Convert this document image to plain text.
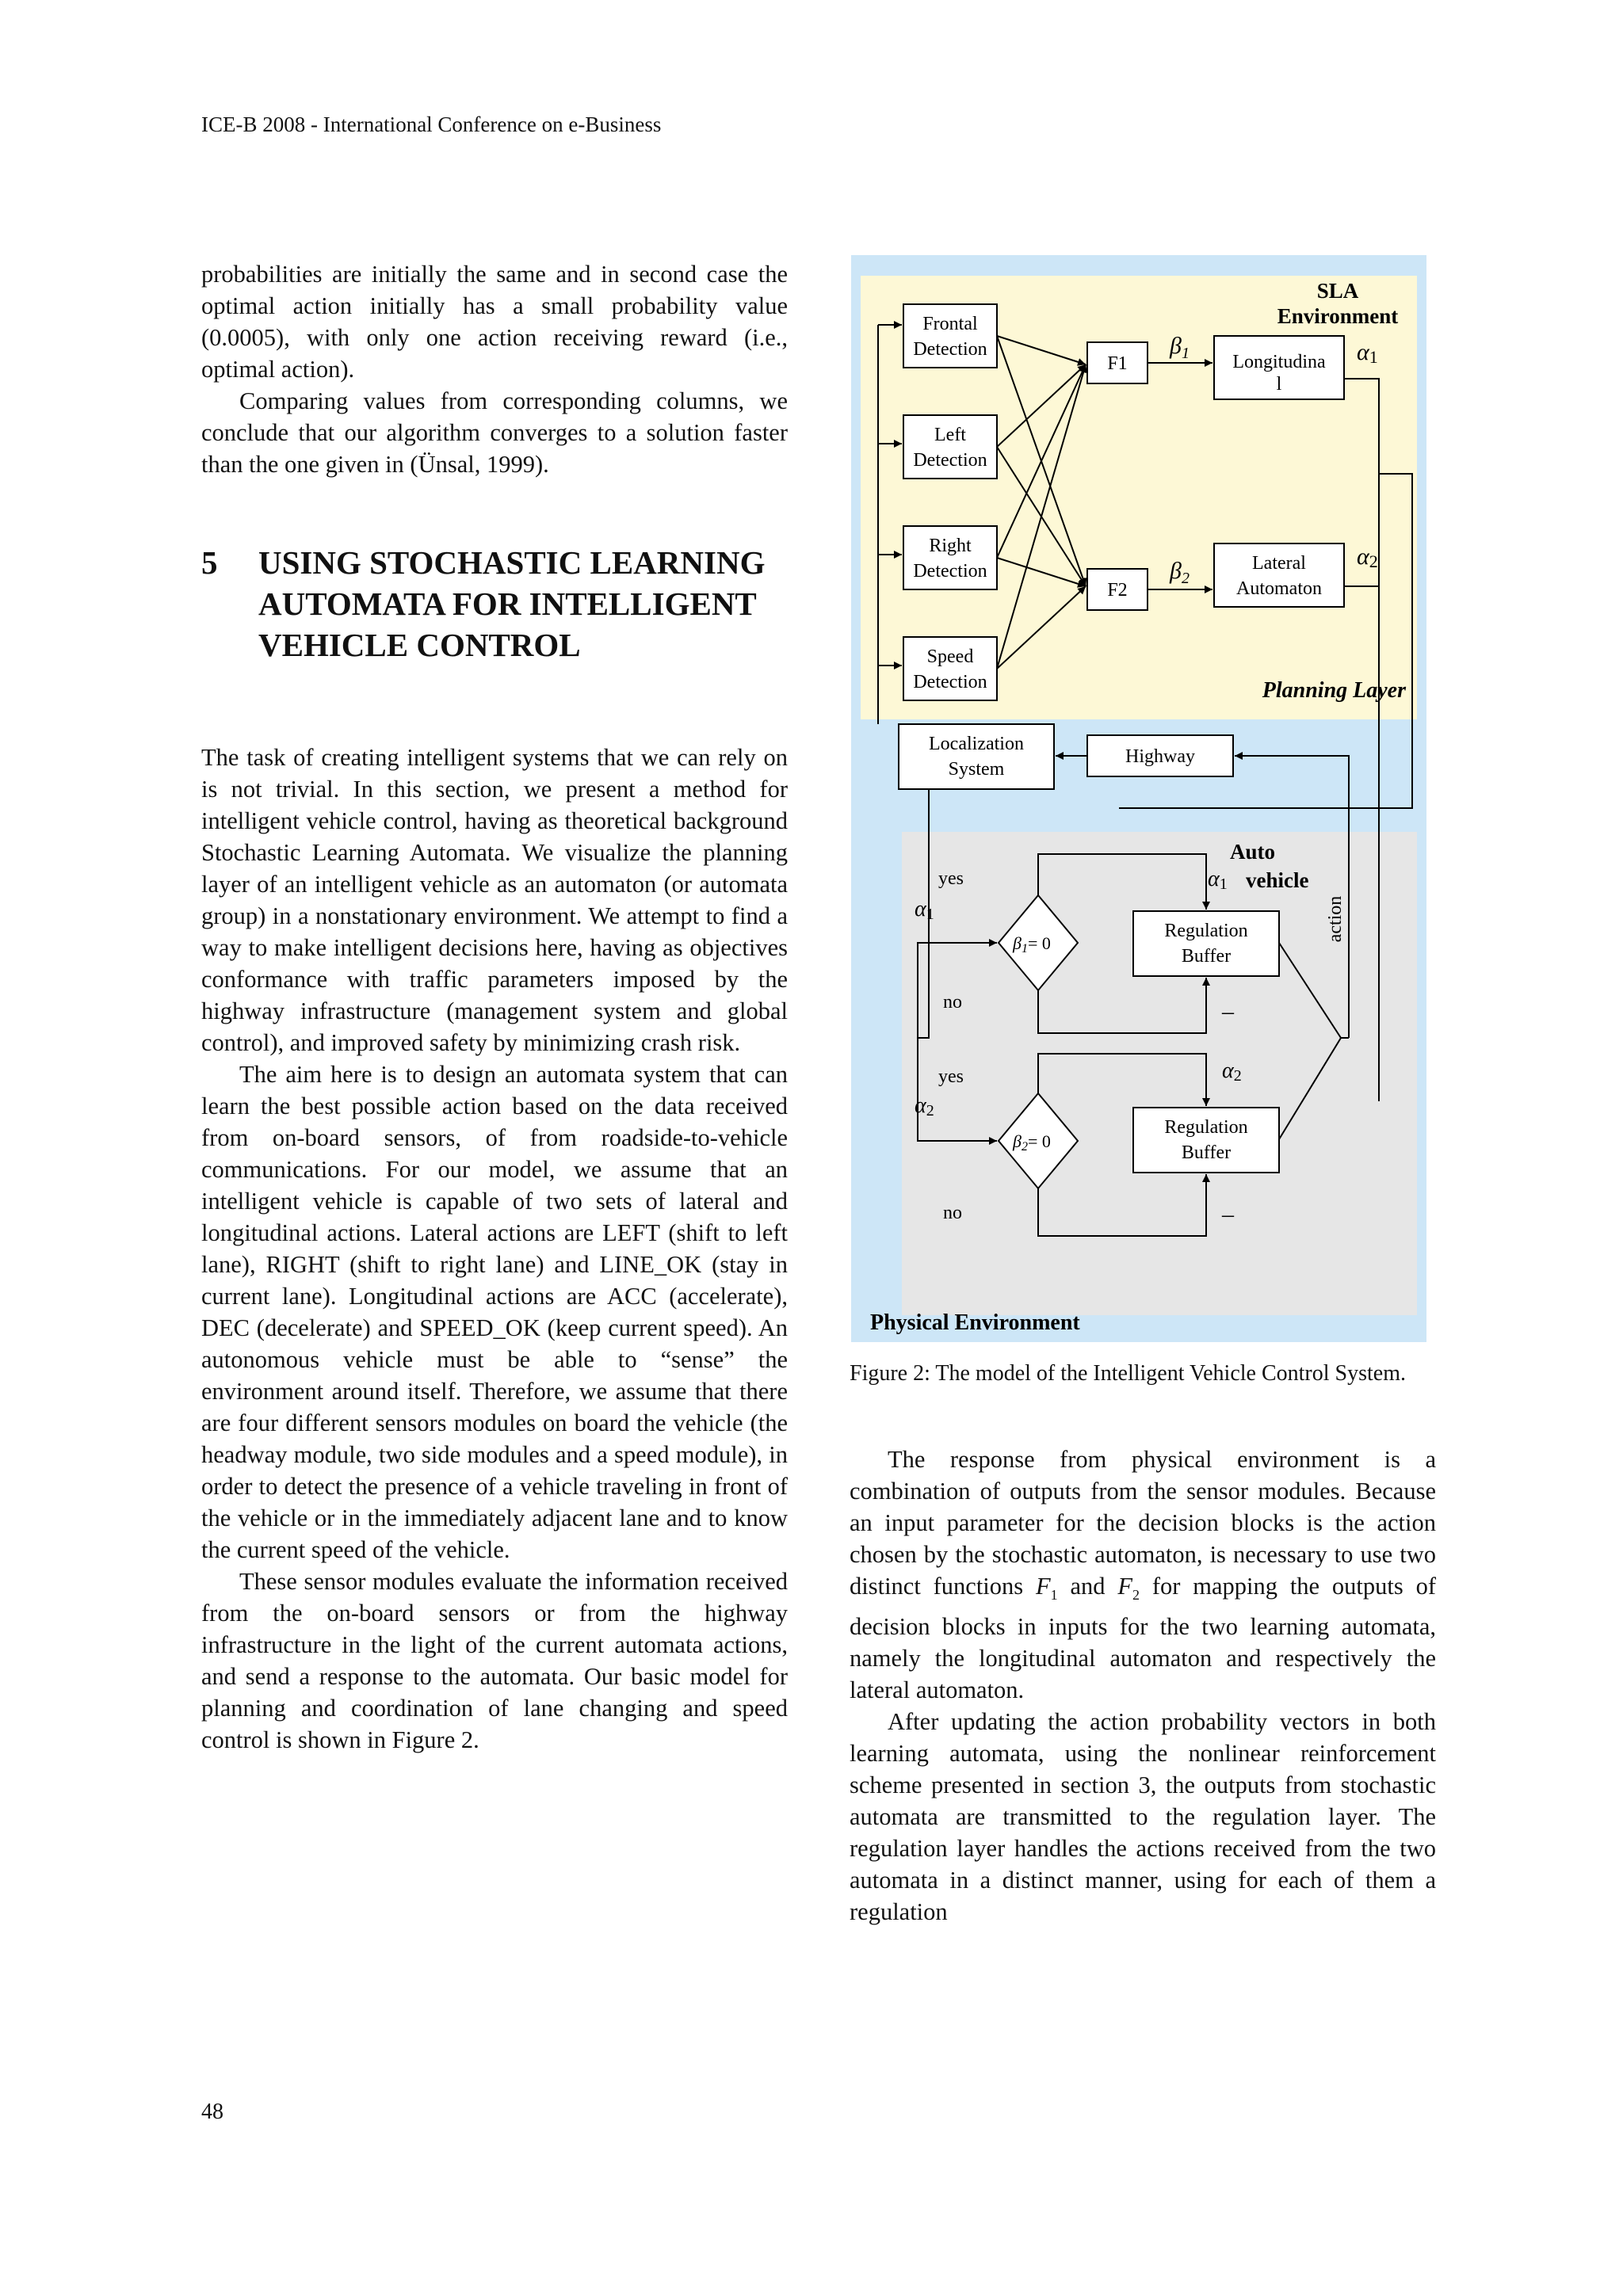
ICE-B 2008 - International Conference on e-Business

probabilities are initially the same and in second case the optimal action initially has a small probability value (0.0005), with only one action receiving reward (i.e., optimal action).

Comparing values from corresponding columns, we conclude that our algorithm converges to a solution faster than the one given in (Ünsal, 1999).

5 USING STOCHASTIC LEARNING AUTOMATA FOR INTELLIGENT VEHICLE CONTROL

The task of creating intelligent systems that we can rely on is not trivial. In this section, we present a method for intelligent vehicle control, having as theoretical background Stochastic Learning Automata. We visualize the planning layer of an intelligent vehicle as an automaton (or automata group) in a nonstationary environment. We attempt to find a way to make intelligent decisions here, having as objectives conformance with traffic parameters imposed by the highway infrastructure (management system and global control), and improved safety by minimizing crash risk.

The aim here is to design an automata system that can learn the best possible action based on the data received from on-board sensors, of from roadside-to-vehicle communications. For our model, we assume that an intelligent vehicle is capable of two sets of lateral and longitudinal actions. Lateral actions are LEFT (shift to left lane), RIGHT (shift to right lane) and LINE_OK (stay in current lane). Longitudinal actions are ACC (accelerate), DEC (decelerate) and SPEED_OK (keep current speed). An autonomous vehicle must be able to “sense” the environment around itself. Therefore, we assume that there are four different sensors modules on board the vehicle (the headway module, two side modules and a speed module), in order to detect the presence of a vehicle traveling in front of the vehicle or in the immediately adjacent lane and to know the current speed of the vehicle.

These sensor modules evaluate the information received from the on-board sensors or from the highway infrastructure in the light of the current automata actions, and send a response to the automata. Our basic model for planning and coordination of lane changing and speed control is shown in Figure 2.

SLA
Environment
Frontal
Detection
Left
Detection
Right
Detection
Speed
Detection
F1
F2
Longitudina
l
Lateral
Automaton
$\beta_1$
$\beta_2$
α1
α2
Planning Layer
Localization
System
Highway
Auto
α1 vehicle
action
α1
yes
β1= 0
no
Regulation
Buffer
–
α2
yes	α2
β2= 0
no
Regulation
Buffer
–
Physical Environment
Figure 2: The model of the Intelligent Vehicle Control System.

The response from physical environment is a combination of outputs from the sensor modules. Because an input parameter for the decision blocks is the action chosen by the stochastic automaton, is necessary to use two distinct functions $F_1$ and $F_2$ for mapping the outputs of decision blocks in inputs for the two learning automata, namely the longitudinal automaton and respectively the lateral automaton.

After updating the action probability vectors in both learning automata, using the nonlinear reinforcement scheme presented in section 3, the outputs from stochastic automata are transmitted to the regulation layer. The regulation layer handles the actions received from the two automata in a distinct manner, using for each of them a regulation

48
